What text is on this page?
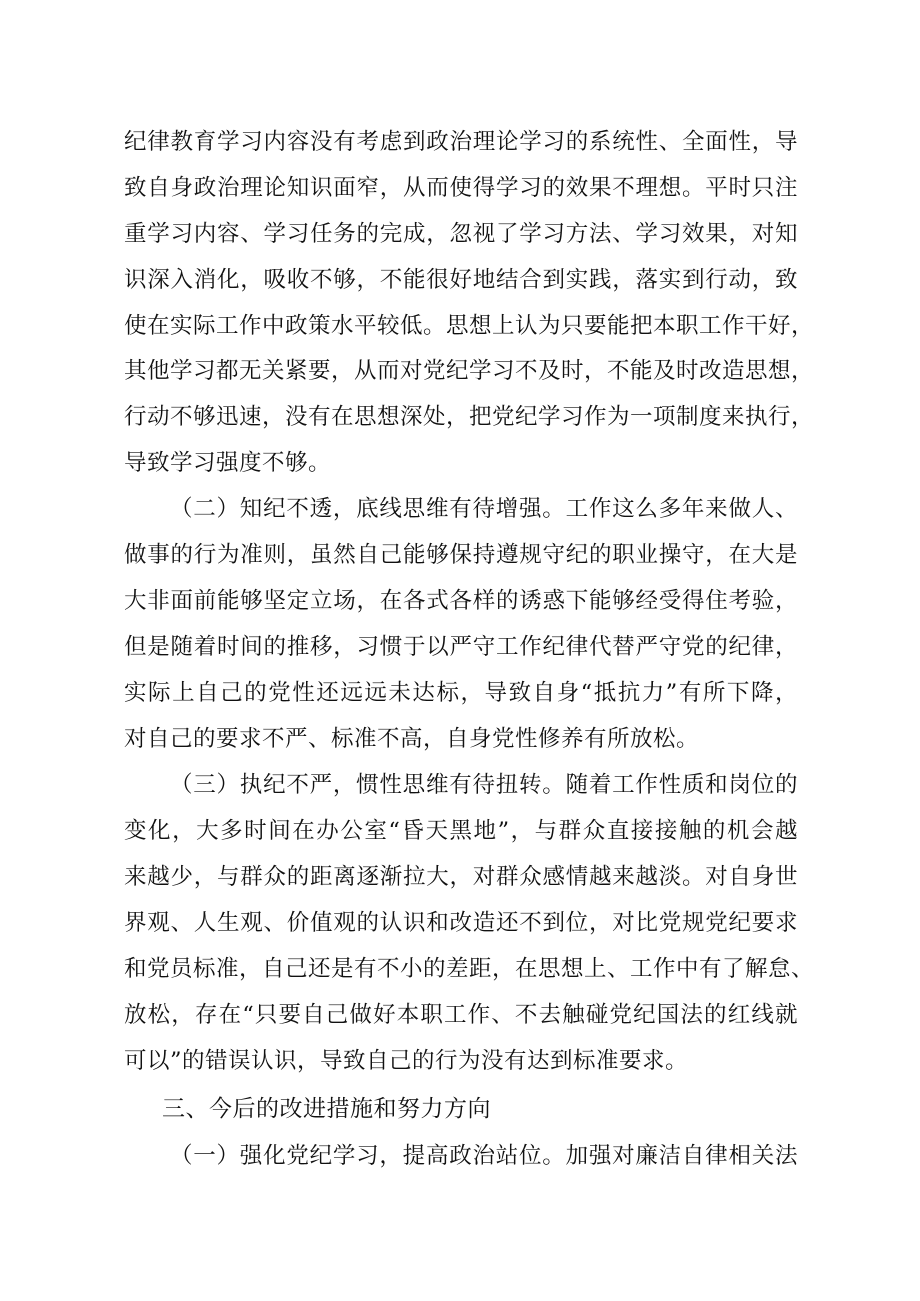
纪律教育学习内容没有考虑到政治理论学习的系统性、全面性，导
致自身政治理论知识面窄，从而使得学习的效果不理想。平时只注
重学习内容、学习任务的完成，忽视了学习方法、学习效果，对知
识深入消化，吸收不够，不能很好地结合到实践，落实到行动，致
使在实际工作中政策水平较低。思想上认为只要能把本职工作干好，
其他学习都无关紧要，从而对党纪学习不及时，不能及时改造思想，
行动不够迅速，没有在思想深处，把党纪学习作为一项制度来执行，
导致学习强度不够。
（二）知纪不透，底线思维有待增强。工作这么多年来做人、
做事的行为准则，虽然自己能够保持遵规守纪的职业操守，在大是
大非面前能够坚定立场，在各式各样的诱惑下能够经受得住考验，
但是随着时间的推移，习惯于以严守工作纪律代替严守党的纪律，
实际上自己的党性还远远未达标，导致自身“抵抗力”有所下降，
对自己的要求不严、标准不高，自身党性修养有所放松。
（三）执纪不严，惯性思维有待扭转。随着工作性质和岗位的
变化，大多时间在办公室“昏天黑地”，与群众直接接触的机会越
来越少，与群众的距离逐渐拉大，对群众感情越来越淡。对自身世
界观、人生观、价值观的认识和改造还不到位，对比党规党纪要求
和党员标准，自己还是有不小的差距，在思想上、工作中有了解怠、
放松，存在“只要自己做好本职工作、不去触碰党纪国法的红线就
可以”的错误认识，导致自己的行为没有达到标准要求。
三、今后的改进措施和努力方向
（一）强化党纪学习，提高政治站位。加强对廉洁自律相关法
